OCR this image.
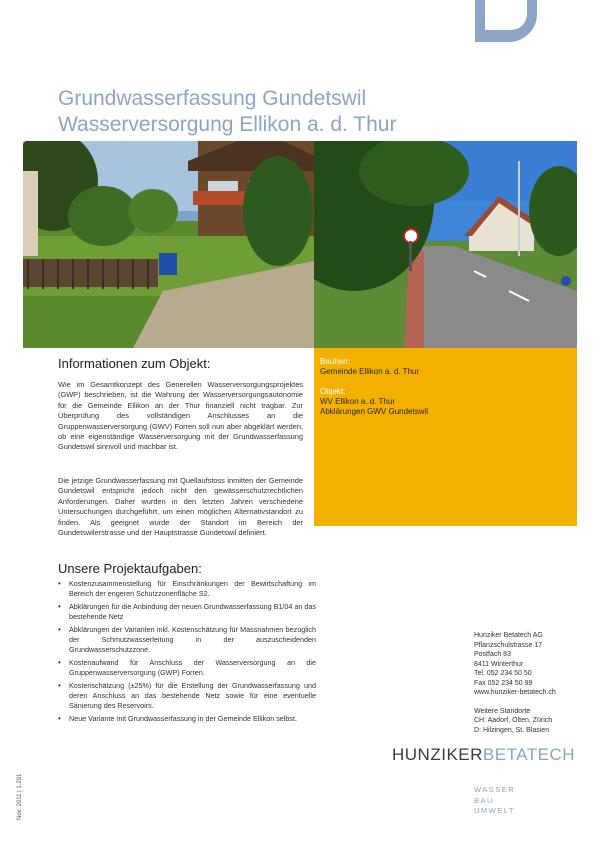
Grundwasserfassung Gundetswil
Wasserversorgung Ellikon a. d. Thur
Bauherr:
Gemeinde Ellikon a. d. Thur
Objekt:
WV Ellikon a. d. Thur
Abklärungen GWV Gundetswil
Informationen zum Objekt:

Wie im Gesamtkonzept des Generellen Wasserversorgungsprojektes (GWP) beschrieben, ist die Wahrung der Wasserversorgungsautonomie für die Gemeinde Ellikon an der Thur finanziell nicht tragbar. Zur Überprüfung des vollständigen Anschlusses an die Gruppenwasserversorgung (GWV) Forren soll nun aber abgeklärt werden, ob eine eigenständige Wasserversorgung mit der Grundwasserfassung Gundetswil sinnvoll und machbar ist.

Die jetzige Grundwasserfassung mit Quellaufstoss inmitten der Gemeinde Gundetswil entspricht jedoch nicht den gewässerschutzrechtlichen Anforderungen. Daher wurden in den letzten Jahren verschiedene Untersuchungen durchgeführt, um einen möglichen Alternativstandort zu finden. Als geeignet wurde der Standort im Bereich der Gundetswilerstrasse und der Hauptstrasse Gundetswil definiert.

Unsere Projektaufgaben:
• Kostenzusammenstellung für Einschränkungen der Bewirtschaftung im Bereich der engeren Schutzzonenfläche S2.
• Abklärungen für die Anbindung der neuen Grundwasserfassung B1/04 an das bestehende Netz
• Abklärungen der Varianten inkl. Kostenschätzung für Massnahmen bezüglich der Schmutzwasserleitung in der auszuscheidenden Grundwasserschutzzone.
• Kostenaufwand für Anschluss der Wasserversorgung an die Gruppenwasserversorgung (GWP) Forren.
• Kostenschätzung (±25%) für die Erstellung der Grundwasserfassung und deren Anschluss an das bestehende Netz sowie für eine eventuelle Sanierung des Reservoirs.
• Neue Variante mit Grundwasserfassung in der Gemeinde Ellikon selbst.
Hunziker Betatech AG
Pflanzschulstrasse 17
Postfach 83
8411 Winterthur
Tel. 052 234 50 50
Fax 052 234 50 99
www.hunziker-betatech.ch
Weitere Standorte
CH: Aadorf, Olten, Zürich
D: Hilzingen, St. Blasien
HUNZIKERBETATECH
WASSER
BAU
UMWELT
Nov. 2011 | 1.291
